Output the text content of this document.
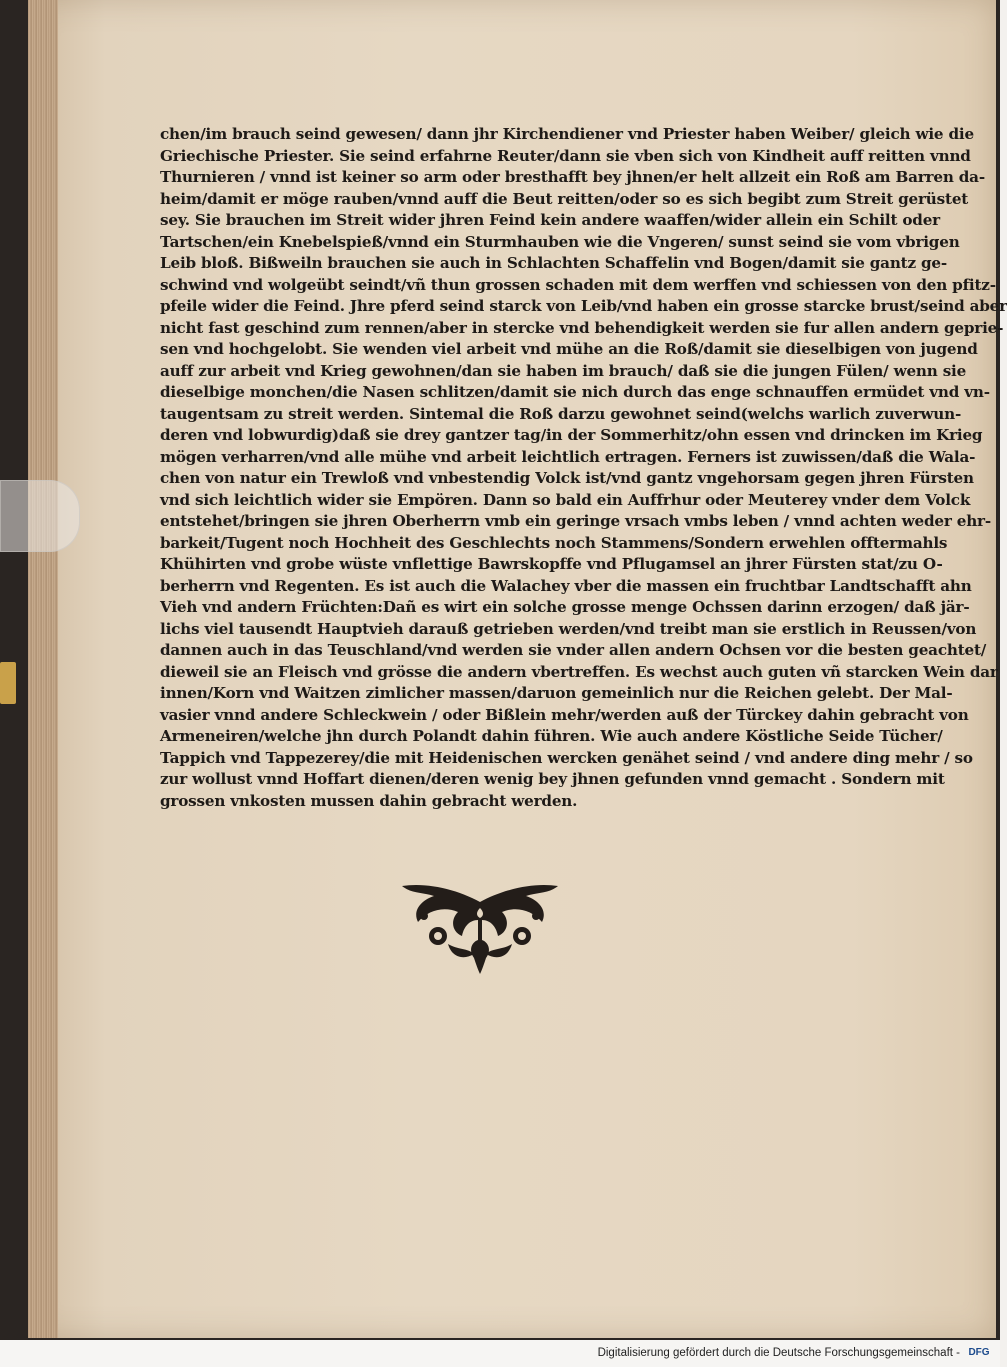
chen/im brauch seind gewesen/ dann jhr Kirchendiener vnd Priester haben Weiber/ gleich wie die
Griechische Priester. Sie seind erfahrne Reuter/dann sie vben sich von Kindheit auff reitten vnnd
Thurnieren / vnnd ist keiner so arm oder bresthafft bey jhnen/er helt allzeit ein Roß am Barren da-
heim/damit er möge rauben/vnnd auff die Beut reitten/oder so es sich begibt zum Streit gerüstet
sey. Sie brauchen im Streit wider jhren Feind kein andere waaffen/wider allein ein Schilt oder
Tartschen/ein Knebelspieß/vnnd ein Sturmhauben wie die Vngeren/ sunst seind sie vom vbrigen
Leib bloß. Bißweiln brauchen sie auch in Schlachten Schaffelin vnd Bogen/damit sie gantz ge-
schwind vnd wolgeübt seindt/vñ thun grossen schaden mit dem werffen vnd schiessen von den pfitz-
pfeile wider die Feind. Jhre pferd seind starck von Leib/vnd haben ein grosse starcke brust/seind aber
nicht fast geschind zum rennen/aber in stercke vnd behendigkeit werden sie fur allen andern geprie-
sen vnd hochgelobt. Sie wenden viel arbeit vnd mühe an die Roß/damit sie dieselbigen von jugend
auff zur arbeit vnd Krieg gewohnen/dan sie haben im brauch/ daß sie die jungen Fülen/ wenn sie
dieselbige monchen/die Nasen schlitzen/damit sie nich durch das enge schnauffen ermüdet vnd vn-
taugentsam zu streit werden. Sintemal die Roß darzu gewohnet seind(welchs warlich zuverwun-
deren vnd lobwurdig)daß sie drey gantzer tag/in der Sommerhitz/ohn essen vnd drincken im Krieg
mögen verharren/vnd alle mühe vnd arbeit leichtlich ertragen. Ferners ist zuwissen/daß die Wala-
chen von natur ein Trewloß vnd vnbestendig Volck ist/vnd gantz vngehorsam gegen jhren Fürsten
vnd sich leichtlich wider sie Empören. Dann so bald ein Auffrhur oder Meuterey vnder dem Volck
entstehet/bringen sie jhren Oberherrn vmb ein geringe vrsach vmbs leben / vnnd achten weder ehr-
barkeit/Tugent noch Hochheit des Geschlechts noch Stammens/Sondern erwehlen offtermahls
Khühirten vnd grobe wüste vnflettige Bawrskopffe vnd Pflugamsel an jhrer Fürsten stat/zu O-
berherrn vnd Regenten. Es ist auch die Walachey vber die massen ein fruchtbar Landtschafft ahn
Vieh vnd andern Früchten:Dañ es wirt ein solche grosse menge Ochssen darinn erzogen/ daß jär-
lichs viel tausendt Hauptvieh darauß getrieben werden/vnd treibt man sie erstlich in Reussen/von
dannen auch in das Teuschland/vnd werden sie vnder allen andern Ochsen vor die besten geachtet/
dieweil sie an Fleisch vnd grösse die andern vbertreffen. Es wechst auch guten vñ starcken Wein dar
innen/Korn vnd Waitzen zimlicher massen/daruon gemeinlich nur die Reichen gelebt. Der Mal-
vasier vnnd andere Schleckwein / oder Bißlein mehr/werden auß der Türckey dahin gebracht von
Armeneiren/welche jhn durch Polandt dahin führen. Wie auch andere Köstliche Seide Tücher/
Tappich vnd Tappezerey/die mit Heidenischen wercken genähet seind / vnd andere ding mehr / so
zur wollust vnnd Hoffart dienen/deren wenig bey jhnen gefunden vnnd gemacht . Sondern mit
grossen vnkosten mussen dahin gebracht werden.
Digitalisierung gefördert durch die Deutsche Forschungsgemeinschaft - DFG
